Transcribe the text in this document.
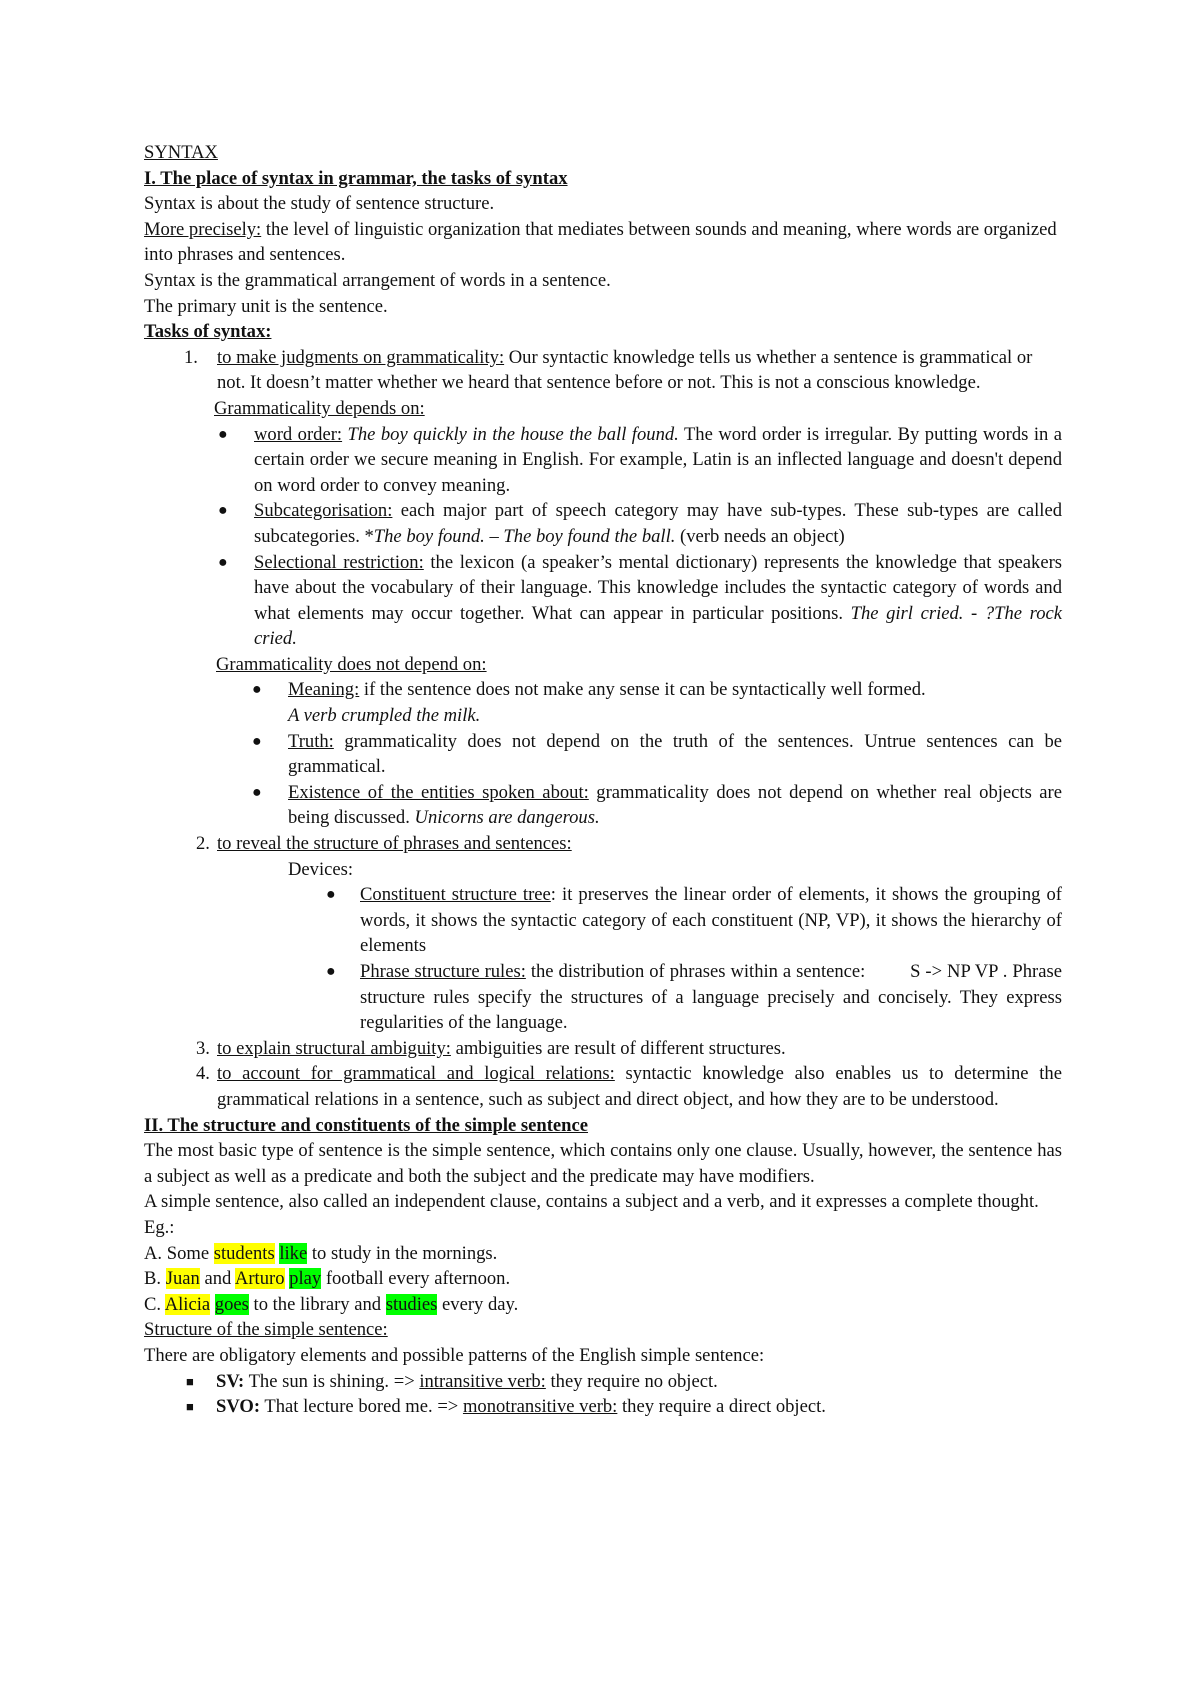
SYNTAX

I. The place of syntax in grammar, the tasks of syntax

Syntax is about the study of sentence structure.

More precisely: the level of linguistic organization that mediates between sounds and meaning, where words are organized into phrases and sentences.

Syntax is the grammatical arrangement of words in a sentence.

The primary unit is the sentence.

Tasks of syntax:

1. to make judgments on grammaticality: Our syntactic knowledge tells us whether a sentence is grammatical or not. It doesn’t matter whether we heard that sentence before or not. This is not a conscious knowledge.

Grammaticality depends on:

● word order: The boy quickly in the house the ball found. The word order is irregular. By putting words in a certain order we secure meaning in English. For example, Latin is an inflected language and doesn't depend on word order to convey meaning.
● Subcategorisation: each major part of speech category may have sub-types. These sub-types are called subcategories. *The boy found. – The boy found the ball. (verb needs an object)
● Selectional restriction: the lexicon (a speaker’s mental dictionary) represents the knowledge that speakers have about the vocabulary of their language. This knowledge includes the syntactic category of words and what elements may occur together. What can appear in particular positions. The girl cried. - ?The rock cried.

Grammaticality does not depend on:

● Meaning: if the sentence does not make any sense it can be syntactically well formed.
A verb crumpled the milk.
● Truth: grammaticality does not depend on the truth of the sentences. Untrue sentences can be grammatical.
● Existence of the entities spoken about: grammaticality does not depend on whether real objects are being discussed. Unicorns are dangerous.
2. to reveal the structure of phrases and sentences:

Devices:

● Constituent structure tree: it preserves the linear order of elements, it shows the grouping of words, it shows the syntactic category of each constituent (NP, VP), it shows the hierarchy of elements
● Phrase structure rules: the distribution of phrases within a sentence:         S -> NP VP . Phrase structure rules specify the structures of a language precisely and concisely. They express regularities of the language.
3. to explain structural ambiguity: ambiguities are result of different structures.
4. to account for grammatical and logical relations: syntactic knowledge also enables us to determine the grammatical relations in a sentence, such as subject and direct object, and how they are to be understood.

II. The structure and constituents of the simple sentence

The most basic type of sentence is the simple sentence, which contains only one clause. Usually, however, the sentence has a subject as well as a predicate and both the subject and the predicate may have modifiers.

A simple sentence, also called an independent clause, contains a subject and a verb, and it expresses a complete thought.

Eg.:

A. Some students like to study in the mornings.

B. Juan and Arturo play football every afternoon.

C. Alicia goes to the library and studies every day.

Structure of the simple sentence:

There are obligatory elements and possible patterns of the English simple sentence:

■ SV: The sun is shining. => intransitive verb: they require no object.
■ SVO: That lecture bored me. => monotransitive verb: they require a direct object.
